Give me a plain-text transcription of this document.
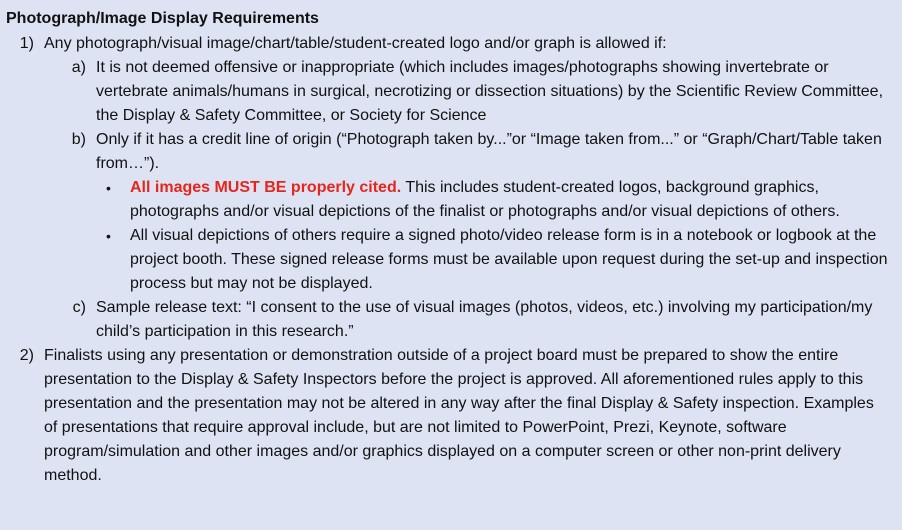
Photograph/Image Display Requirements
1) Any photograph/visual image/chart/table/student-created logo and/or graph is allowed if:
a) It is not deemed offensive or inappropriate (which includes images/photographs showing invertebrate or vertebrate animals/humans in surgical, necrotizing or dissection situations) by the Scientific Review Committee, the Display & Safety Committee, or Society for Science
b) Only if it has a credit line of origin (“Photograph taken by...”or “Image taken from...” or “Graph/Chart/Table taken from…”).
•	All images MUST BE properly cited. This includes student-created logos, background graphics, photographs and/or visual depictions of the finalist or photographs and/or visual depictions of others.
•	All visual depictions of others require a signed photo/video release form is in a notebook or logbook at the project booth. These signed release forms must be available upon request during the set-up and inspection process but may not be displayed.
c) Sample release text: “I consent to the use of visual images (photos, videos, etc.) involving my participation/my child’s participation in this research.”
2) Finalists using any presentation or demonstration outside of a project board must be prepared to show the entire presentation to the Display & Safety Inspectors before the project is approved. All aforementioned rules apply to this presentation and the presentation may not be altered in any way after the final Display & Safety inspection. Examples of presentations that require approval include, but are not limited to PowerPoint, Prezi, Keynote, software program/simulation and other images and/or graphics displayed on a computer screen or other non-print delivery method.
